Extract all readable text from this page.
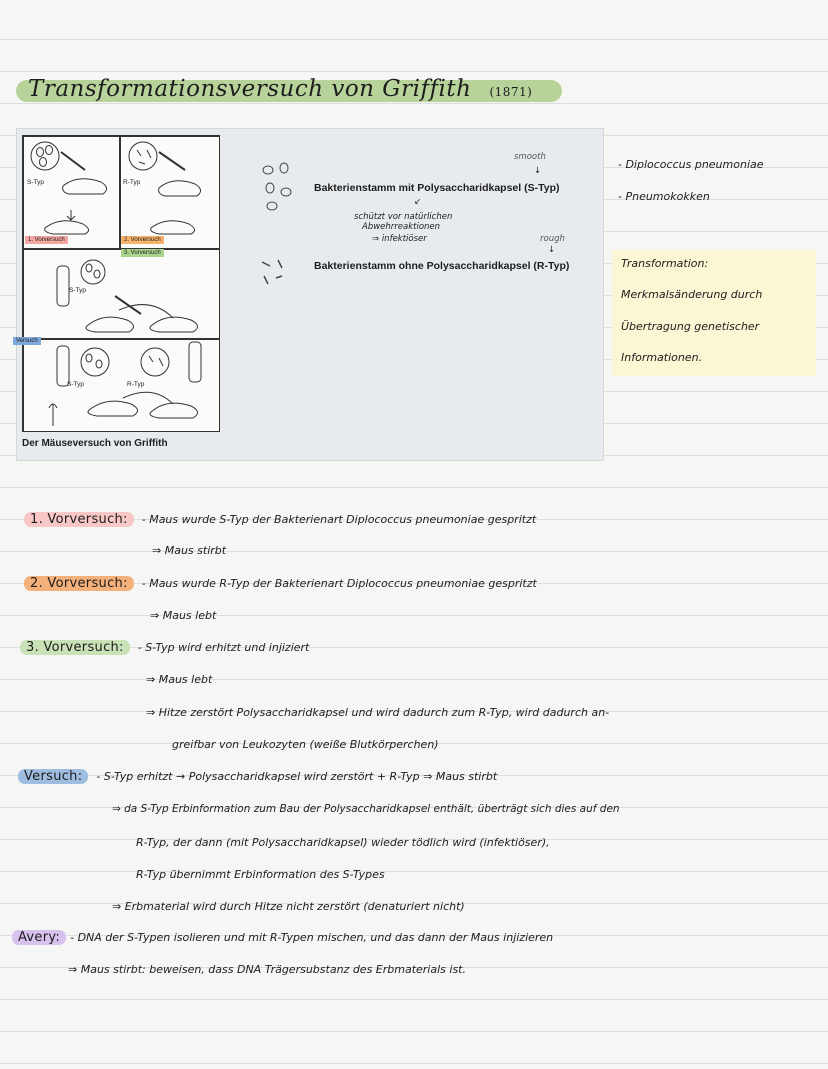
Transformationsversuch von Griffith (1871)
S-Typ	R-Typ
S-Typ
S-Typ	R-Typ
1. Vorversuch	2. Vorversuch
3. Vorversuch
Versuch
Der Mäuseversuch von Griffith
smooth
↓
Bakterienstamm mit Polysaccharidkapsel (S-Typ)
↙
schützt vor natürlichen
Abwehrreaktionen
⇒ infektiöser	rough
↓
Bakterienstamm ohne Polysaccharidkapsel (R-Typ)
- Diplococcus pneumoniae
- Pneumokokken
Transformation:
Merkmalsänderung durch
Übertragung genetischer
Informationen.
1. Vorversuch: - Maus wurde S-Typ der Bakterienart Diplococcus pneumoniae gespritzt
⇒ Maus stirbt
2. Vorversuch: - Maus wurde R-Typ der Bakterienart Diplococcus pneumoniae gespritzt
⇒ Maus lebt
3. Vorversuch: - S-Typ wird erhitzt und injiziert
⇒ Maus lebt
⇒ Hitze zerstört Polysaccharidkapsel und wird dadurch zum R-Typ, wird dadurch an-
greifbar von Leukozyten (weiße Blutkörperchen)
Versuch: - S-Typ erhitzt → Polysaccharidkapsel wird zerstört + R-Typ ⇒ Maus stirbt
⇒ da S-Typ Erbinformation zum Bau der Polysaccharidkapsel enthält, überträgt sich dies auf den
R-Typ, der dann (mit Polysaccharidkapsel) wieder tödlich wird (infektiöser),
R-Typ übernimmt Erbinformation des S-Types
⇒ Erbmaterial wird durch Hitze nicht zerstört (denaturiert nicht)
Avery: - DNA der S-Typen isolieren und mit R-Typen mischen, und das dann der Maus injizieren
⇒ Maus stirbt: beweisen, dass DNA Trägersubstanz des Erbmaterials ist.
